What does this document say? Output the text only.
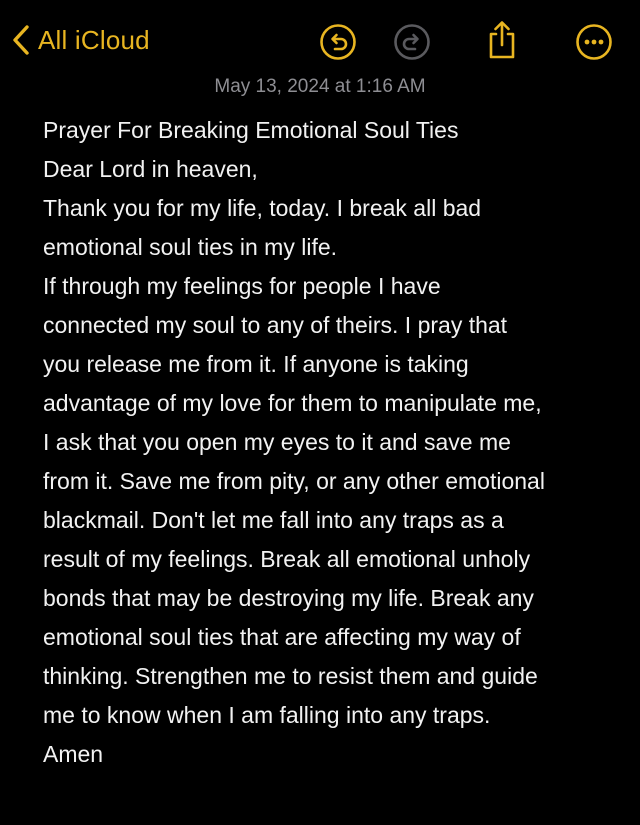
All iCloud
May 13, 2024 at 1:16 AM
Prayer For Breaking Emotional Soul Ties
Dear Lord in heaven,
Thank you for my life, today. I break all bad
emotional soul ties in my life.
If through my feelings for people I have
connected my soul to any of theirs. I pray that
you release me from it. If anyone is taking
advantage of my love for them to manipulate me,
I ask that you open my eyes to it and save me
from it. Save me from pity, or any other emotional
blackmail. Don't let me fall into any traps as a
result of my feelings. Break all emotional unholy
bonds that may be destroying my life. Break any
emotional soul ties that are affecting my way of
thinking. Strengthen me to resist them and guide
me to know when I am falling into any traps.
Amen
